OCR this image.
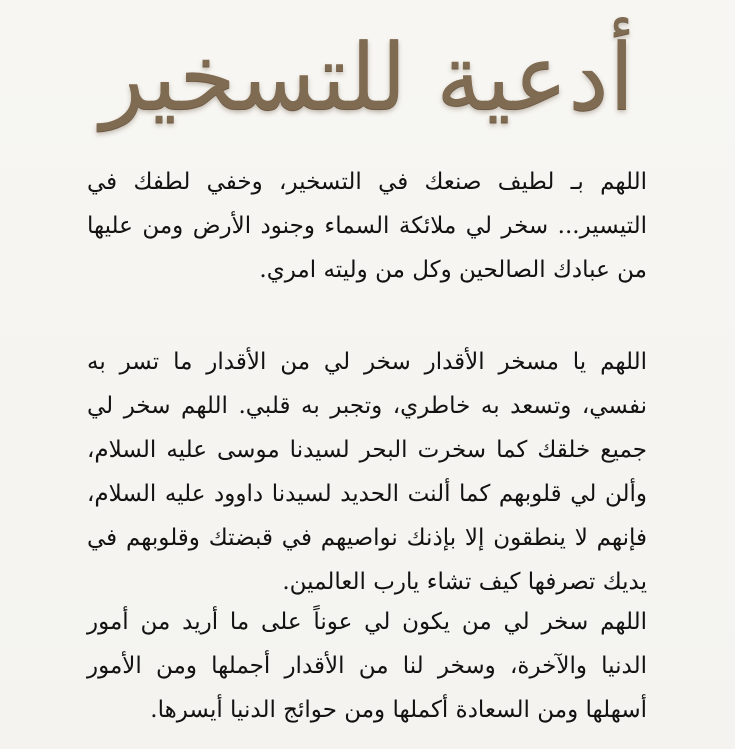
أدعية للتسخير

اللهم بـ لطيف صنعك في التسخير، وخفي لطفك في التيسير... سخر لي ملائكة السماء وجنود الأرض ومن عليها من عبادك الصالحين وكل من وليته امري.

اللهم يا مسخر الأقدار سخر لي من الأقدار ما تسر به نفسي، وتسعد به خاطري، وتجبر به قلبي. اللهم سخر لي جميع خلقك كما سخرت البحر لسيدنا موسى عليه السلام، وألن لي قلوبهم كما ألنت الحديد لسيدنا داوود عليه السلام، فإنهم لا ينطقون إلا بإذنك نواصيهم في قبضتك وقلوبهم في يديك تصرفها كيف تشاء يارب العالمين.

اللهم سخر لي من يكون لي عوناً على ما أريد من أمور الدنيا والآخرة، وسخر لنا من الأقدار أجملها ومن الأمور أسهلها ومن السعادة أكملها ومن حوائج الدنيا أيسرها.
